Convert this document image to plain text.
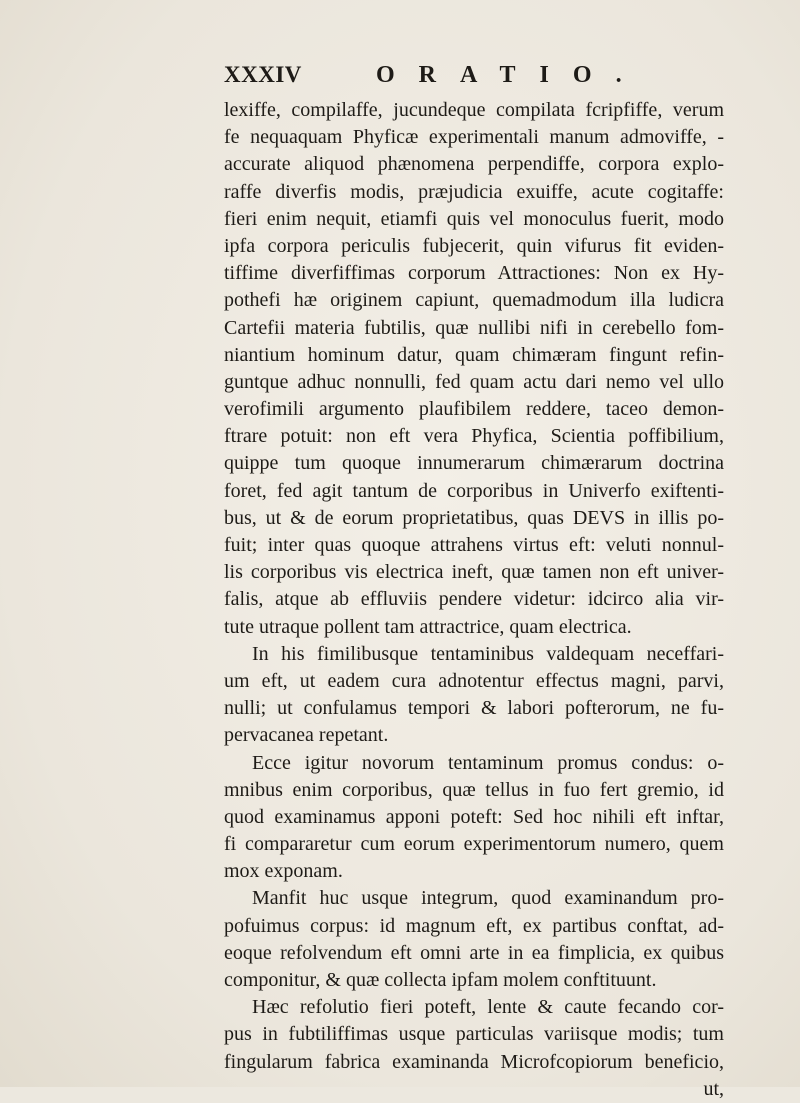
XXXIV	ORATIO.
lexiffe, compilaffe, jucundeque compilata fcripfiffe, verum
fe nequaquam Phyficæ experimentali manum admoviffe, -
accurate aliquod phænomena perpendiffe, corpora explo-
raffe diverfis modis, præjudicia exuiffe, acute cogitaffe:
fieri enim nequit, etiamfi quis vel monoculus fuerit, modo
ipfa corpora periculis fubjecerit, quin vifurus fit eviden-
tiffime diverfiffimas corporum Attractiones: Non ex Hy-
pothefi hæ originem capiunt, quemadmodum illa ludicra
Cartefii materia fubtilis, quæ nullibi nifi in cerebello fom-
niantium hominum datur, quam chimæram fingunt refin-
guntque adhuc nonnulli, fed quam actu dari nemo vel ullo
verofimili argumento plaufibilem reddere, taceo demon-
ftrare potuit: non eft vera Phyfica, Scientia poffibilium,
quippe tum quoque innumerarum chimærarum doctrina
foret, fed agit tantum de corporibus in Univerfo exiftenti-
bus, ut & de eorum proprietatibus, quas DEVS in illis po-
fuit; inter quas quoque attrahens virtus eft: veluti nonnul-
lis corporibus vis electrica ineft, quæ tamen non eft univer-
falis, atque ab effluviis pendere videtur: idcirco alia vir-
tute utraque pollent tam attractrice, quam electrica.
In his fimilibusque tentaminibus valdequam neceffari-
um eft, ut eadem cura adnotentur effectus magni, parvi,
nulli; ut confulamus tempori & labori pofterorum, ne fu-
pervacanea repetant.
Ecce igitur novorum tentaminum promus condus: o-
mnibus enim corporibus, quæ tellus in fuo fert gremio, id
quod examinamus apponi poteft: Sed hoc nihili eft inftar,
fi compararetur cum eorum experimentorum numero, quem
mox exponam.
Manfit huc usque integrum, quod examinandum pro-
pofuimus corpus: id magnum eft, ex partibus conftat, ad-
eoque refolvendum eft omni arte in ea fimplicia, ex quibus
componitur, & quæ collecta ipfam molem conftituunt.
Hæc refolutio fieri poteft, lente & caute fecando cor-
pus in fubtiliffimas usque particulas variisque modis; tum
fingularum fabrica examinanda Microfcopiorum beneficio,
ut,
